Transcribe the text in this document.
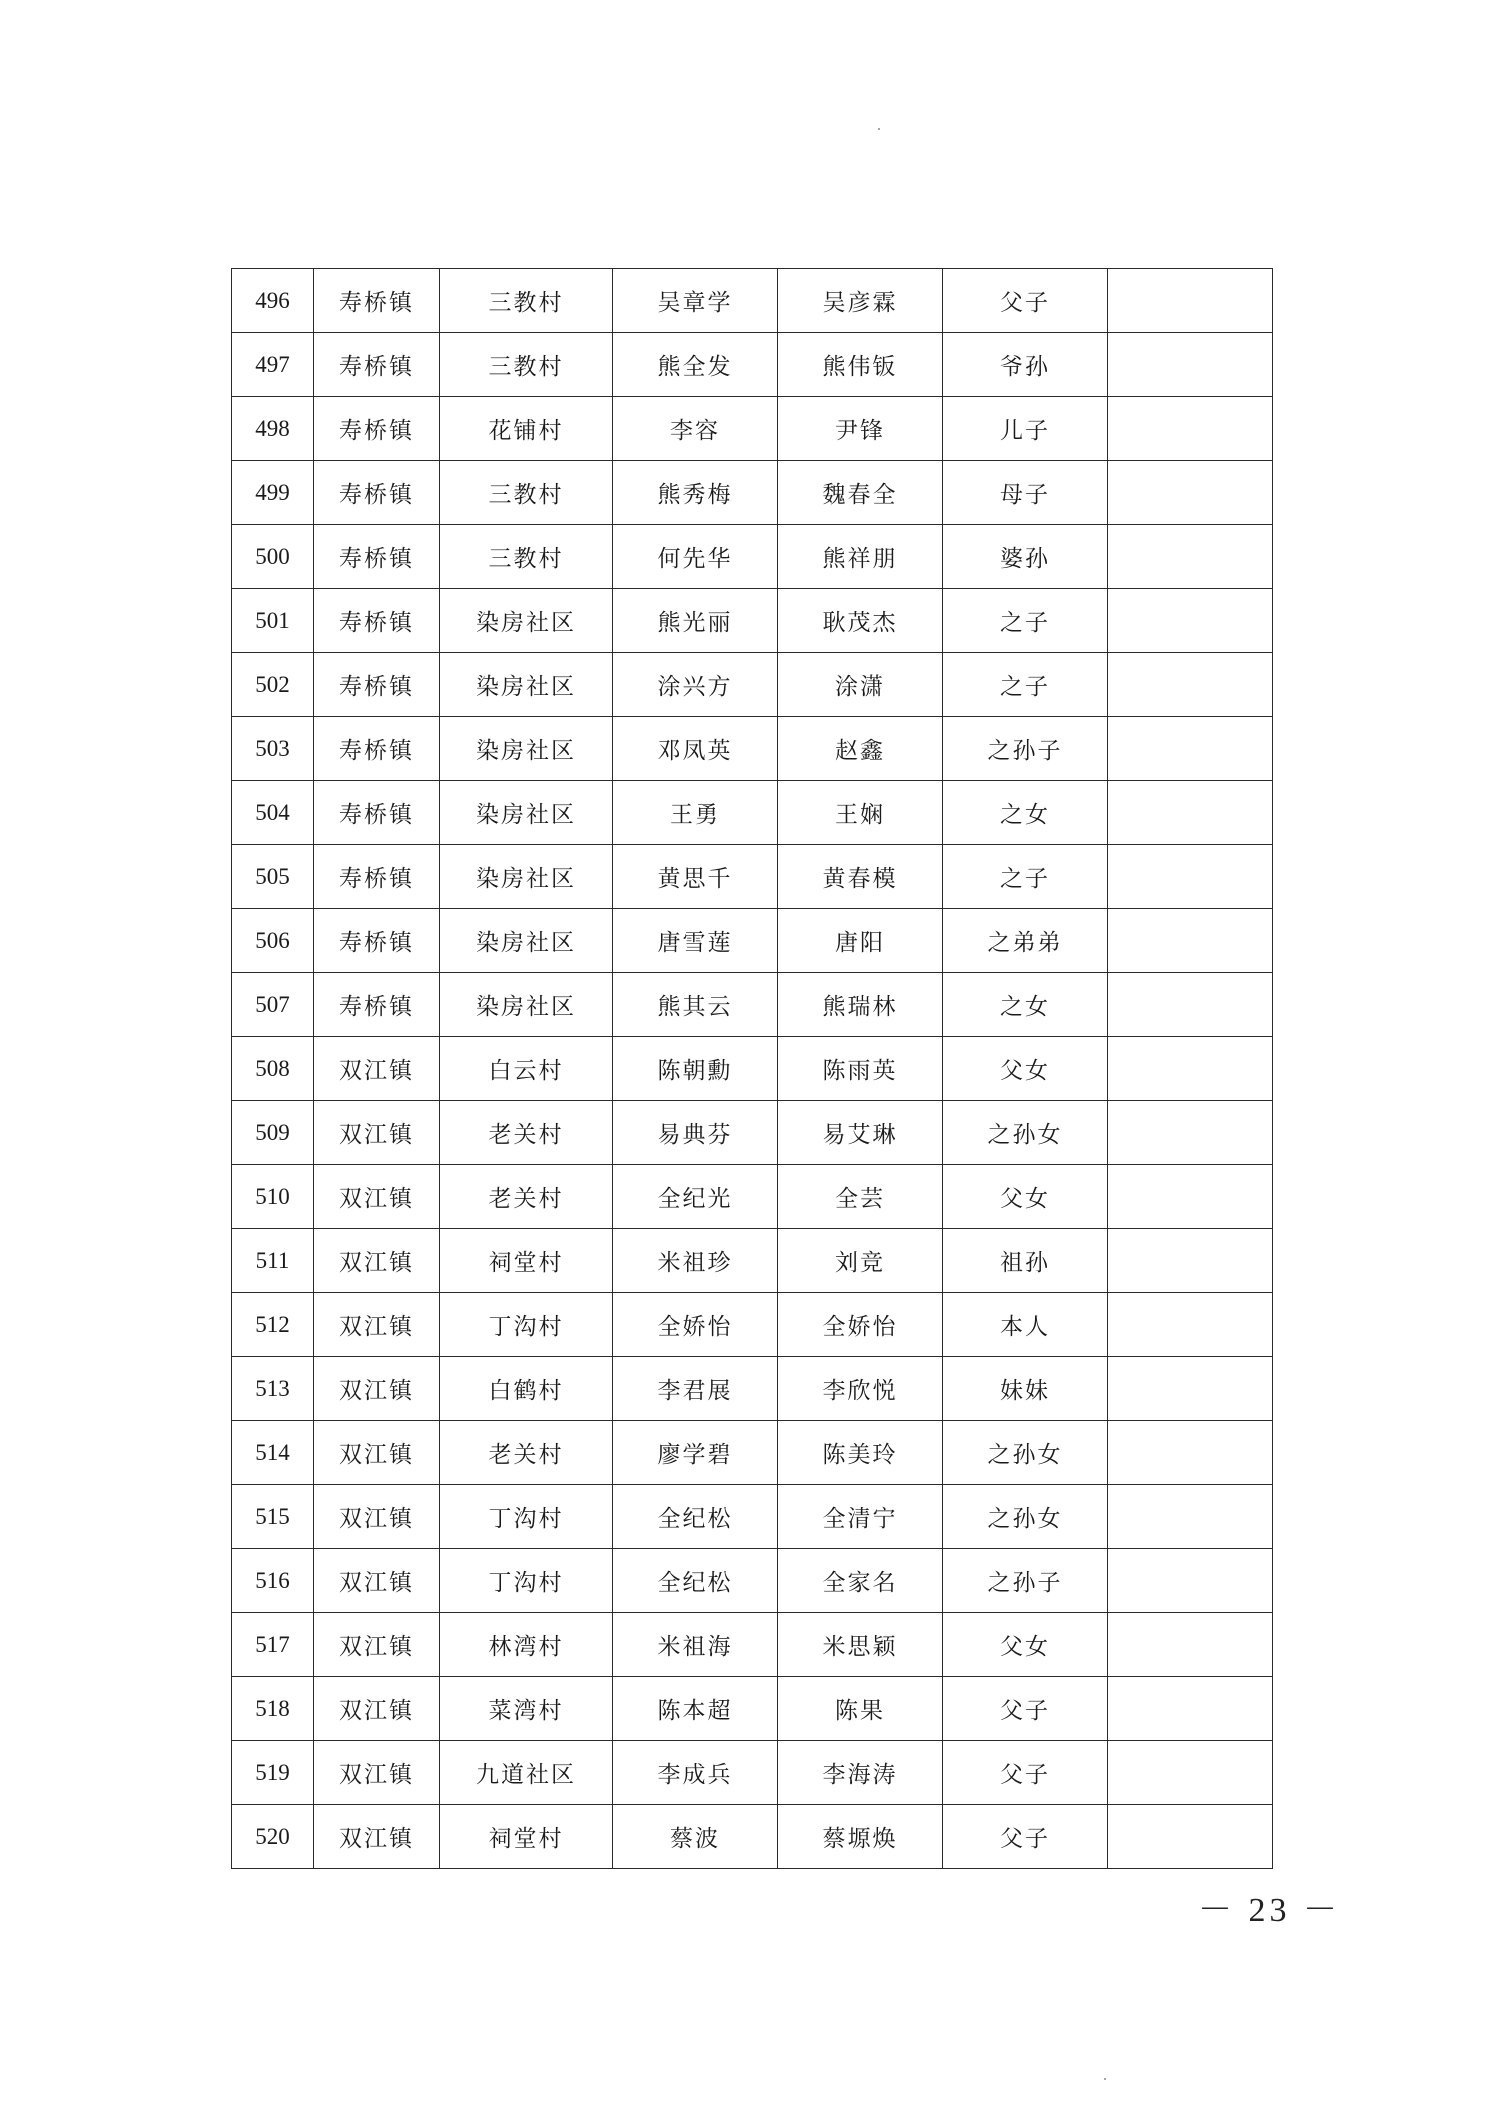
496	寿桥镇	三教村	吴章学	吴彦霖	父子	
497	寿桥镇	三教村	熊全发	熊伟钣	爷孙	
498	寿桥镇	花铺村	李容	尹锋	儿子	
499	寿桥镇	三教村	熊秀梅	魏春全	母子	
500	寿桥镇	三教村	何先华	熊祥朋	婆孙	
501	寿桥镇	染房社区	熊光丽	耿茂杰	之子	
502	寿桥镇	染房社区	涂兴方	涂潇	之子	
503	寿桥镇	染房社区	邓凤英	赵鑫	之孙子	
504	寿桥镇	染房社区	王勇	王娴	之女	
505	寿桥镇	染房社区	黄思千	黄春模	之子	
506	寿桥镇	染房社区	唐雪莲	唐阳	之弟弟	
507	寿桥镇	染房社区	熊其云	熊瑞林	之女	
508	双江镇	白云村	陈朝勳	陈雨英	父女	
509	双江镇	老关村	易典芬	易艾琳	之孙女	
510	双江镇	老关村	全纪光	全芸	父女	
511	双江镇	祠堂村	米祖珍	刘竞	祖孙	
512	双江镇	丁沟村	全娇怡	全娇怡	本人	
513	双江镇	白鹤村	李君展	李欣悦	妹妹	
514	双江镇	老关村	廖学碧	陈美玲	之孙女	
515	双江镇	丁沟村	全纪松	全清宁	之孙女	
516	双江镇	丁沟村	全纪松	全家名	之孙子	
517	双江镇	林湾村	米祖海	米思颖	父女	
518	双江镇	菜湾村	陈本超	陈果	父子	
519	双江镇	九道社区	李成兵	李海涛	父子	
520	双江镇	祠堂村	蔡波	蔡塬焕	父子	
－ 23 －
